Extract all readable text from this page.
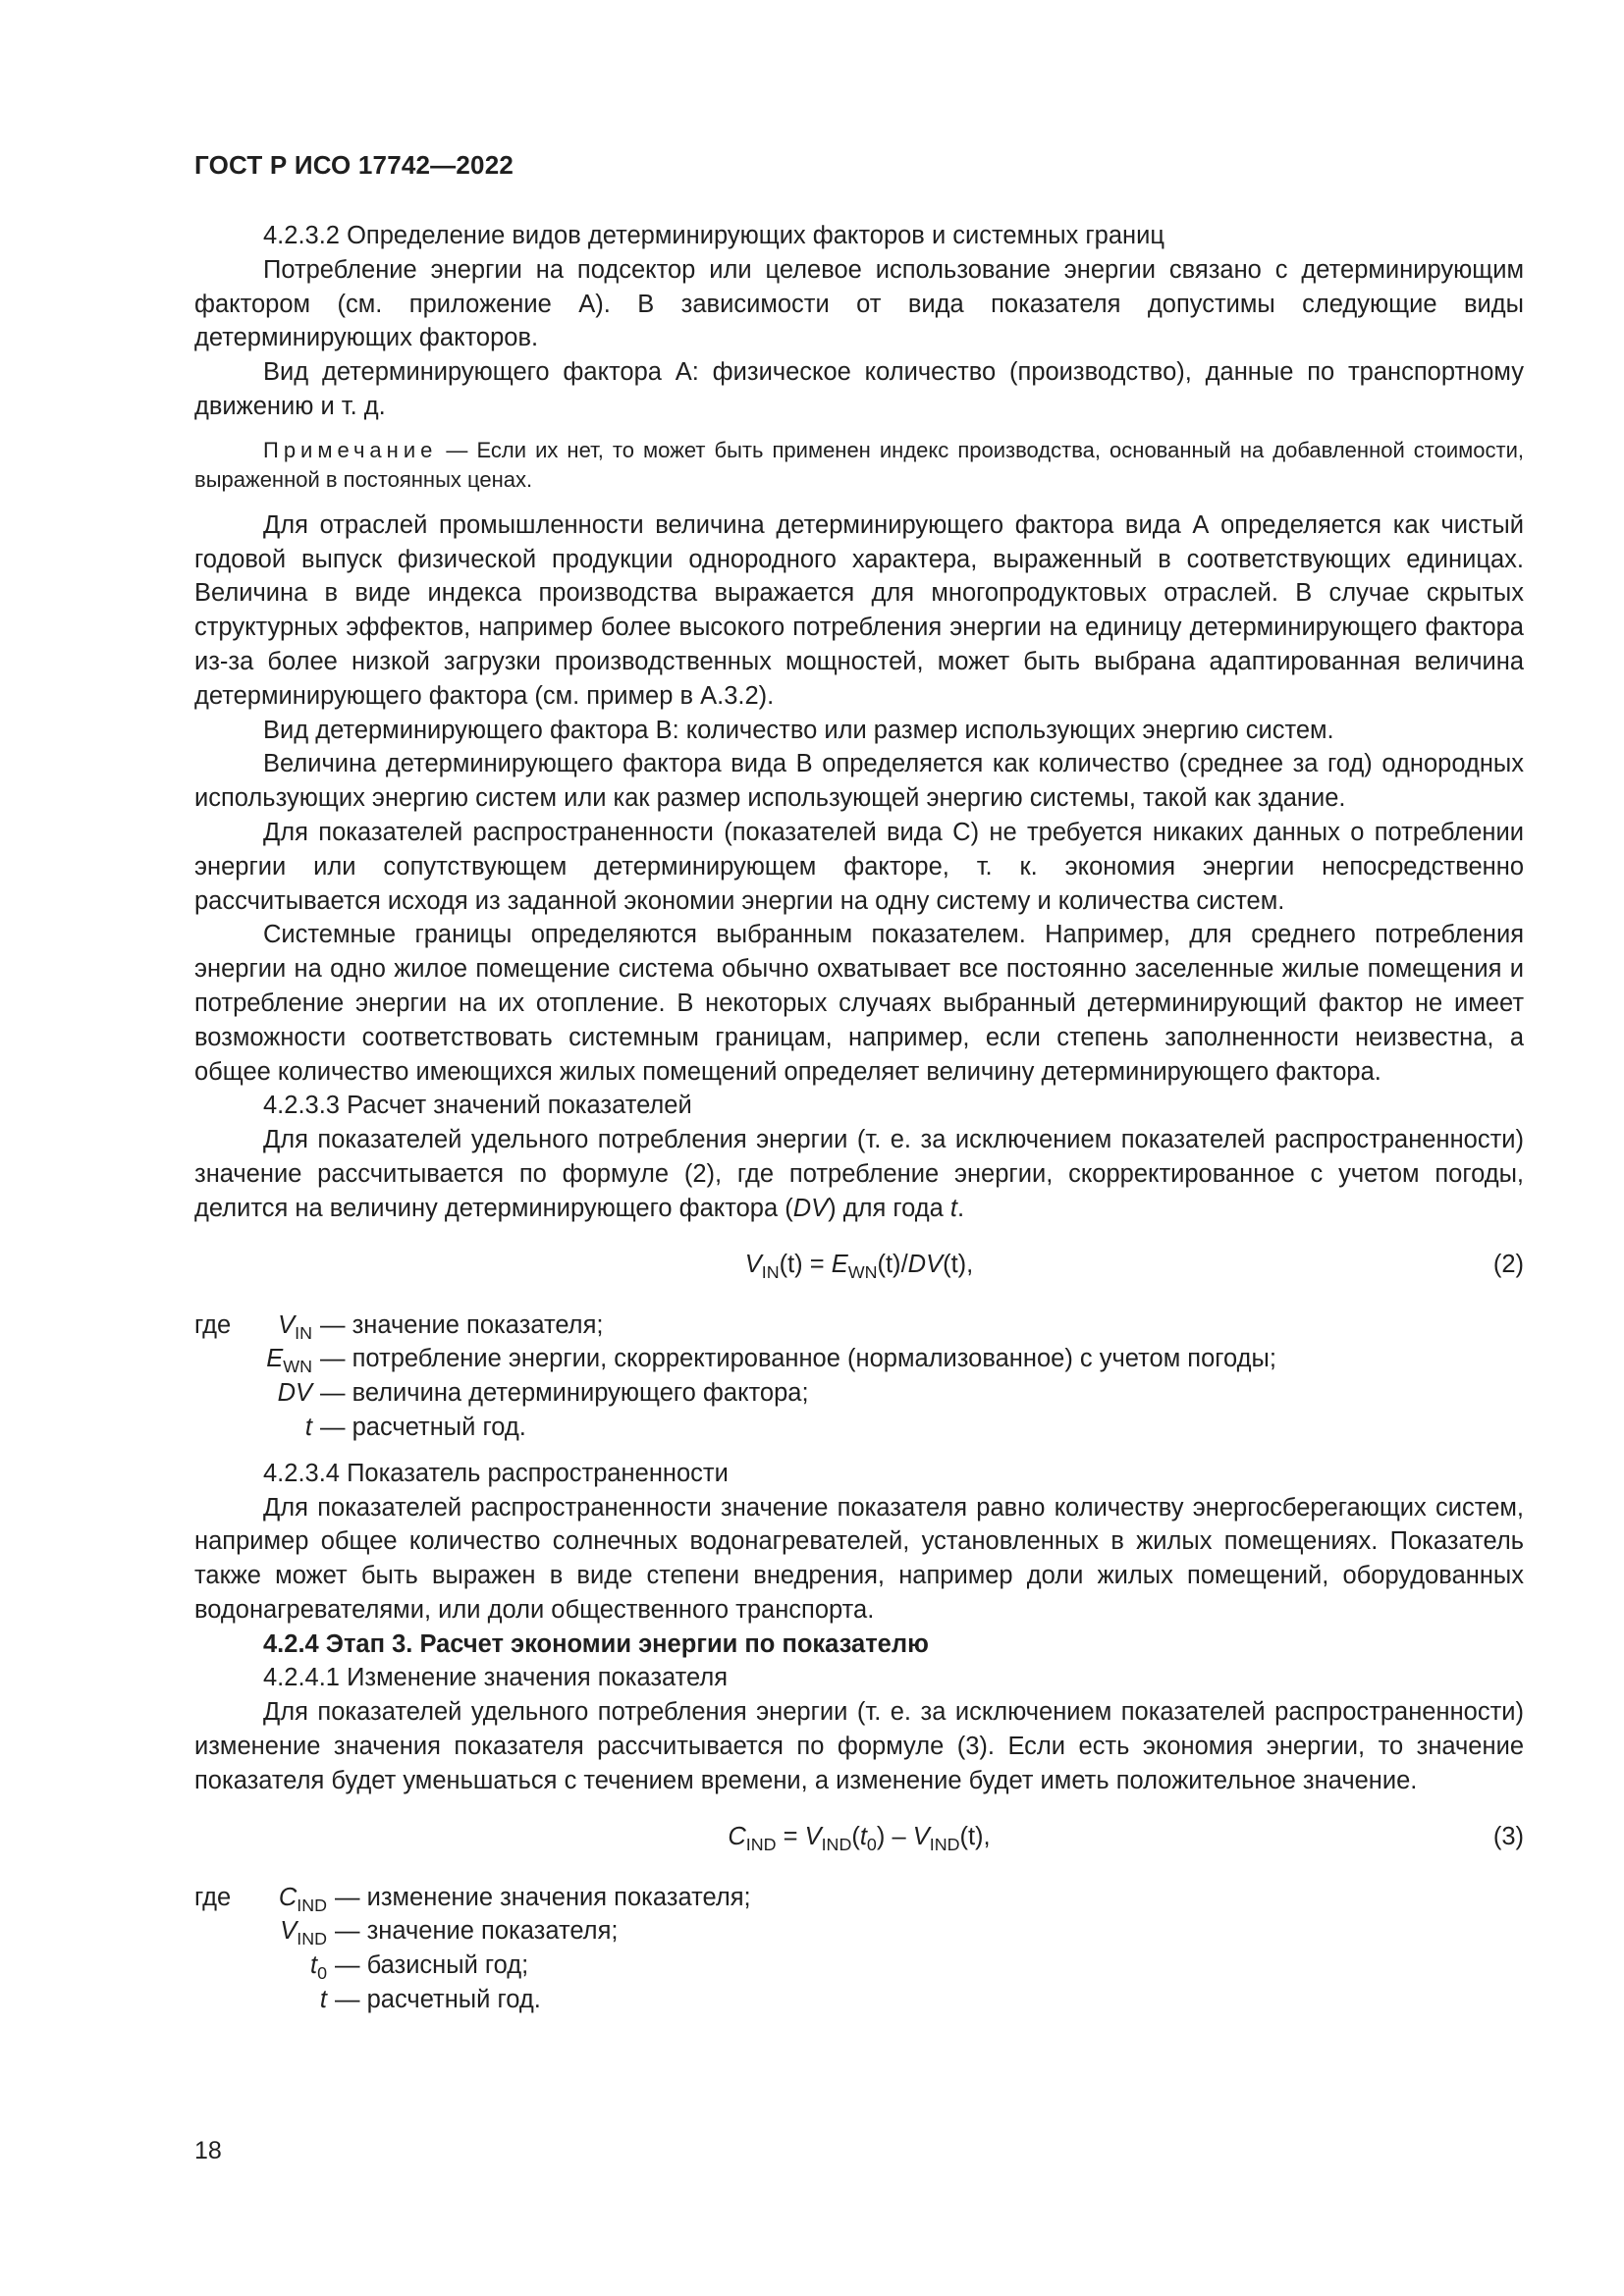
ГОСТ Р ИСО 17742—2022

4.2.3.2 Определение видов детерминирующих факторов и системных границ

Потребление энергии на подсектор или целевое использование энергии связано с детерминирующим фактором (см. приложение А). В зависимости от вида показателя допустимы следующие виды детерминирующих факторов.

Вид детерминирующего фактора А: физическое количество (производство), данные по транспортному движению и т. д.

Примечание — Если их нет, то может быть применен индекс производства, основанный на добавленной стоимости, выраженной в постоянных ценах.

Для отраслей промышленности величина детерминирующего фактора вида А определяется как чистый годовой выпуск физической продукции однородного характера, выраженный в соответствующих единицах. Величина в виде индекса производства выражается для многопродуктовых отраслей. В случае скрытых структурных эффектов, например более высокого потребления энергии на единицу детерминирующего фактора из-за более низкой загрузки производственных мощностей, может быть выбрана адаптированная величина детерминирующего фактора (см. пример в А.3.2).

Вид детерминирующего фактора В: количество или размер использующих энергию систем.

Величина детерминирующего фактора вида В определяется как количество (среднее за год) однородных использующих энергию систем или как размер использующей энергию системы, такой как здание.

Для показателей распространенности (показателей вида С) не требуется никаких данных о потреблении энергии или сопутствующем детерминирующем факторе, т. к. экономия энергии непосредственно рассчитывается исходя из заданной экономии энергии на одну систему и количества систем.

Системные границы определяются выбранным показателем. Например, для среднего потребления энергии на одно жилое помещение система обычно охватывает все постоянно заселенные жилые помещения и потребление энергии на их отопление. В некоторых случаях выбранный детерминирующий фактор не имеет возможности соответствовать системным границам, например, если степень заполненности неизвестна, а общее количество имеющихся жилых помещений определяет величину детерминирующего фактора.

4.2.3.3 Расчет значений показателей

Для показателей удельного потребления энергии (т. е. за исключением показателей распространенности) значение рассчитывается по формуле (2), где потребление энергии, скорректированное с учетом погоды, делится на величину детерминирующего фактора (DV) для года t.

$V_{IN}(t) = E_{WN}(t)/DV(t)$,	(2)
где	$V_{IN}$ — значение показателя;
$E_{WN}$ — потребление энергии, скорректированное (нормализованное) с учетом погоды;
DV — величина детерминирующего фактора;
t — расчетный год.

4.2.3.4 Показатель распространенности

Для показателей распространенности значение показателя равно количеству энергосберегающих систем, например общее количество солнечных водонагревателей, установленных в жилых помещениях. Показатель также может быть выражен в виде степени внедрения, например доли жилых помещений, оборудованных водонагревателями, или доли общественного транспорта.

4.2.4 Этап 3. Расчет экономии энергии по показателю

4.2.4.1 Изменение значения показателя

Для показателей удельного потребления энергии (т. е. за исключением показателей распространенности) изменение значения показателя рассчитывается по формуле (3). Если есть экономия энергии, то значение показателя будет уменьшаться с течением времени, а изменение будет иметь положительное значение.

$C_{IND} = V_{IND}(t_0) - V_{IND}(t)$,	(3)
где	$C_{IND}$ — изменение значения показателя;
$V_{IND}$ — значение показателя;
$t_0$ — базисный год;
t — расчетный год.
18
